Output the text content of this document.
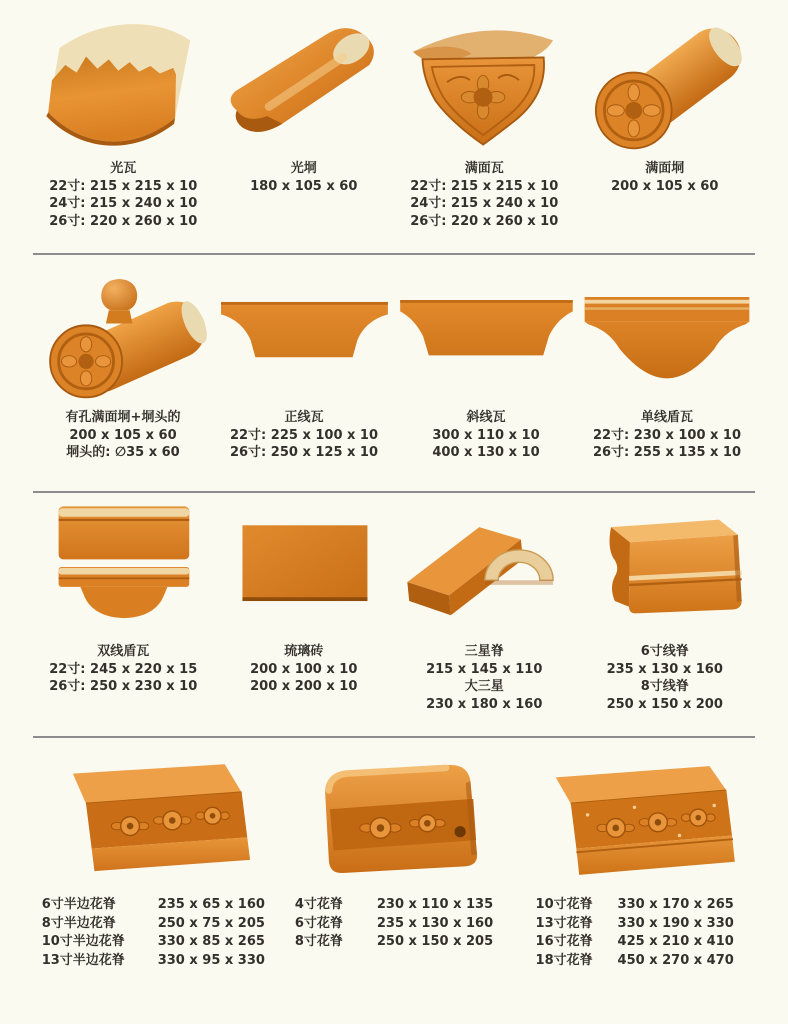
光瓦
22寸: 215 x 215 x 10
24寸: 215 x 240 x 10
26寸: 220 x 260 x 10
光垌
180 x 105 x 60
满面瓦
22寸: 215 x 215 x 10
24寸: 215 x 240 x 10
26寸: 220 x 260 x 10
满面垌
200 x 105 x 60
有孔满面垌+垌头的
200 x 105 x 60
垌头的: ∅35 x 60
正线瓦
22寸: 225 x 100 x 10
26寸: 250 x 125 x 10
斜线瓦
300 x 110 x 10
400 x 130 x 10
单线盾瓦
22寸: 230 x 100 x 10
26寸: 255 x 135 x 10
双线盾瓦
22寸: 245 x 220 x 15
26寸: 250 x 230 x 10
琉璃砖
200 x 100 x 10
200 x 200 x 10
三星脊
215 x 145 x 110
大三星
230 x 180 x 160
6寸线脊
235 x 130 x 160
8寸线脊
250 x 150 x 200
6寸半边花脊	235 x 65 x 160
8寸半边花脊	250 x 75 x 205
10寸半边花脊	330 x 85 x 265
13寸半边花脊	330 x 95 x 330
4寸花脊	230 x 110 x 135
6寸花脊	235 x 130 x 160
8寸花脊	250 x 150 x 205
10寸花脊	330 x 170 x 265
13寸花脊	330 x 190 x 330
16寸花脊	425 x 210 x 410
18寸花脊	450 x 270 x 470
